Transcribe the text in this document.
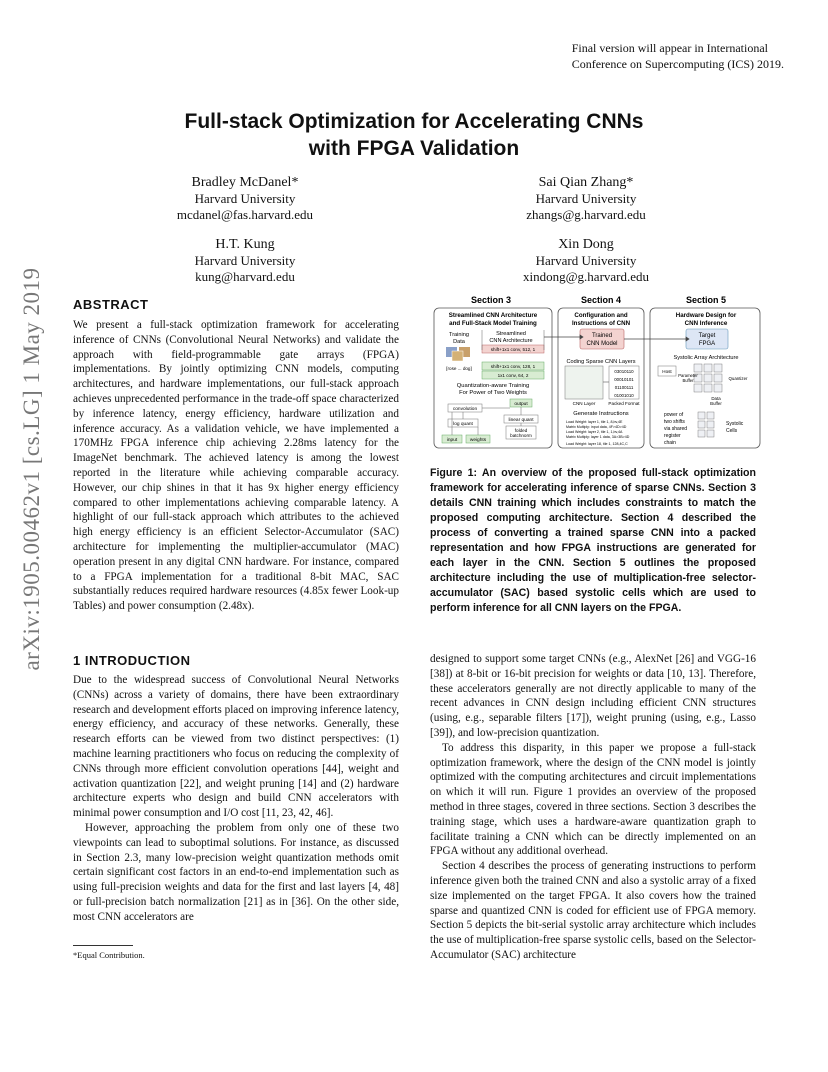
Final version will appear in International
Conference on Supercomputing (ICS) 2019.
Full-stack Optimization for Accelerating CNNs
with FPGA Validation
Bradley McDanel*
Harvard University
mcdanel@fas.harvard.edu
Sai Qian Zhang*
Harvard University
zhangs@g.harvard.edu
H.T. Kung
Harvard University
kung@harvard.edu
Xin Dong
Harvard University
xindong@g.harvard.edu
arXiv:1905.00462v1 [cs.LG] 1 May 2019 ABSTRACT

We present a full-stack optimization framework for accelerating inference of CNNs (Convolutional Neural Networks) and validate the approach with field-programmable gate arrays (FPGA) implementations. By jointly optimizing CNN models, computing architectures, and hardware implementations, our full-stack approach achieves unprecedented performance in the trade-off space characterized by inference latency, energy efficiency, hardware utilization and inference accuracy. As a validation vehicle, we have implemented a 170MHz FPGA inference chip achieving 2.28ms latency for the ImageNet benchmark. The achieved latency is among the lowest reported in the literature while achieving comparable accuracy. However, our chip shines in that it has 9x higher energy efficiency compared to other implementations achieving comparable latency. A highlight of our full-stack approach which attributes to the achieved high energy efficiency is an efficient Selector-Accumulator (SAC) architecture for implementing the multiplier-accumulator (MAC) operation present in any digital CNN hardware. For instance, compared to a FPGA implementation for a traditional 8-bit MAC, SAC substantially reduces required hardware resources (4.85x fewer Look-up Tables) and power consumption (2.48x).

Section 3	Section 4	Section 5
Streamlined CNN Architecture
and Full-Stack Model Training
Training
Data
Streamlined
CNN Architecture
[rose ... dog]
shift+1x1 conv, 512, 1
shift+1x1 conv, 128, 1
1x1 conv, 64, 2
Quantization-aware Training
For Power of Two Weights
output
convolution
log quant
linear quant
folded
batchnorm
input	weights
Configuration and
Instructions of CNN
Trained
CNN Model
Coding Sparse CNN Layers
03010110
00010101
01100111
01001010
CNN Layer	Packed Format
Generate Instructions
Load Weight: layer 1, tile 1, 8,bv,4E
Matrix Multiply: input data, 4F>4D>4D
Load Weight: layer 2, tile 1, 1,bv,4A
Matrix Multiply: layer 1 data, 3A>3B>4D
Load Weight: layer 18, tile 1, 128,4C,C
Hardware Design for
CNN Inference
Target
FPGA
Systolic Array Architecture
Host
Parameter
Buffer	Quantizer
Data
Buffer
power of
two shifts
via shared
register
chain
Systolic
Cells
Figure 1: An overview of the proposed full-stack optimization framework for accelerating inference of sparse CNNs. Section 3 details CNN training which includes constraints to match the proposed computing architecture. Section 4 described the process of converting a trained sparse CNN into a packed representation and how FPGA instructions are generated for each layer in the CNN. Section 5 outlines the proposed architecture including the use of multiplication-free selector-accumulator (SAC) based systolic cells which are used to perform inference for all CNN layers on the FPGA.
1 INTRODUCTION

Due to the widespread success of Convolutional Neural Networks (CNNs) across a variety of domains, there have been extraordinary research and development efforts placed on improving inference latency, energy efficiency, and accuracy of these networks. Generally, these research efforts can be viewed from two distinct perspectives: (1) machine learning practitioners who focus on reducing the complexity of CNNs through more efficient convolution operations [44], weight and activation quantization [22], and weight pruning [14] and (2) hardware architecture experts who design and build CNN accelerators with minimal power consumption and I/O cost [11, 23, 42, 46].

However, approaching the problem from only one of these two viewpoints can lead to suboptimal solutions. For instance, as discussed in Section 2.3, many low-precision weight quantization methods omit certain significant cost factors in an end-to-end implementation such as using full-precision weights and data for the first and last layers [4, 48] or full-precision batch normalization [21] as in [36]. On the other side, most CNN accelerators are

*Equal Contribution.

designed to support some target CNNs (e.g., AlexNet [26] and VGG-16 [38]) at 8-bit or 16-bit precision for weights or data [10, 13]. Therefore, these accelerators generally are not directly applicable to many of the recent advances in CNN design including efficient CNN structures (using, e.g., separable filters [17]), weight pruning (using, e.g., Lasso [39]), and low-precision quantization.

To address this disparity, in this paper we propose a full-stack optimization framework, where the design of the CNN model is jointly optimized with the computing architectures and circuit implementations on which it will run. Figure 1 provides an overview of the proposed method in three stages, covered in three sections. Section 3 describes the training stage, which uses a hardware-aware quantization graph to facilitate training a CNN which can be directly implemented on an FPGA without any additional overhead.

Section 4 describes the process of generating instructions to perform inference given both the trained CNN and also a systolic array of a fixed size implemented on the target FPGA. It also covers how the trained sparse and quantized CNN is coded for efficient use of FPGA memory. Section 5 depicts the bit-serial systolic array architecture which includes the use of multiplication-free sparse systolic cells, based on the Selector-Accumulator (SAC) architecture
